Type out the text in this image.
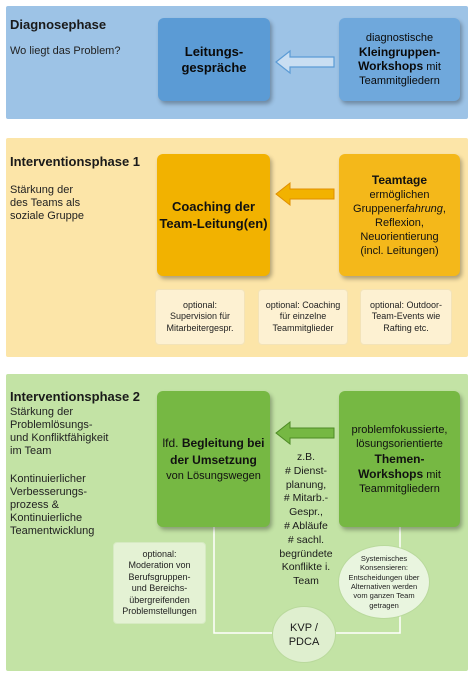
Diagnosephase
Wo liegt das Problem?	Leitungs-
gespräche
diagnostische
Kleingruppen-
Workshops mit
Teammitgliedern
Interventionsphase 1
Stärkung der
des Teams als
soziale Gruppe
Coaching der
Team-Leitung(en)
Teamtage
ermöglichen
Gruppenerfahrung,
Reflexion,
Neuorientierung
(incl. Leitungen)
optional:
Supervision für
Mitarbeitergespr.
optional: Coaching
für einzelne
Teammitglieder
optional: Outdoor-
Team-Events wie
Rafting etc.
Interventionsphase 2
Stärkung der
Problemlösungs-
und Konfliktfähigkeit
im Team
Kontinuierlicher
Verbesserungs-
prozess &
Kontinuierliche
Teamentwicklung
lfd. Begleitung bei
der Umsetzung
von Lösungswegen
problemfokussierte,
lösungsorientierte
Themen-
Workshops mit
Teammitgliedern
z.B.
# Dienst-
planung,
# Mitarb.-
Gespr.,
# Abläufe
# sachl.
begründete
Konflikte i.
Team
optional:
Moderation von
Berufsgruppen-
und Bereichs-
übergreifenden
Problemstellungen
Systemisches
Konsensieren:
Entscheidungen über
Alternativen werden
vom ganzen Team
getragen
KVP /
PDCA
